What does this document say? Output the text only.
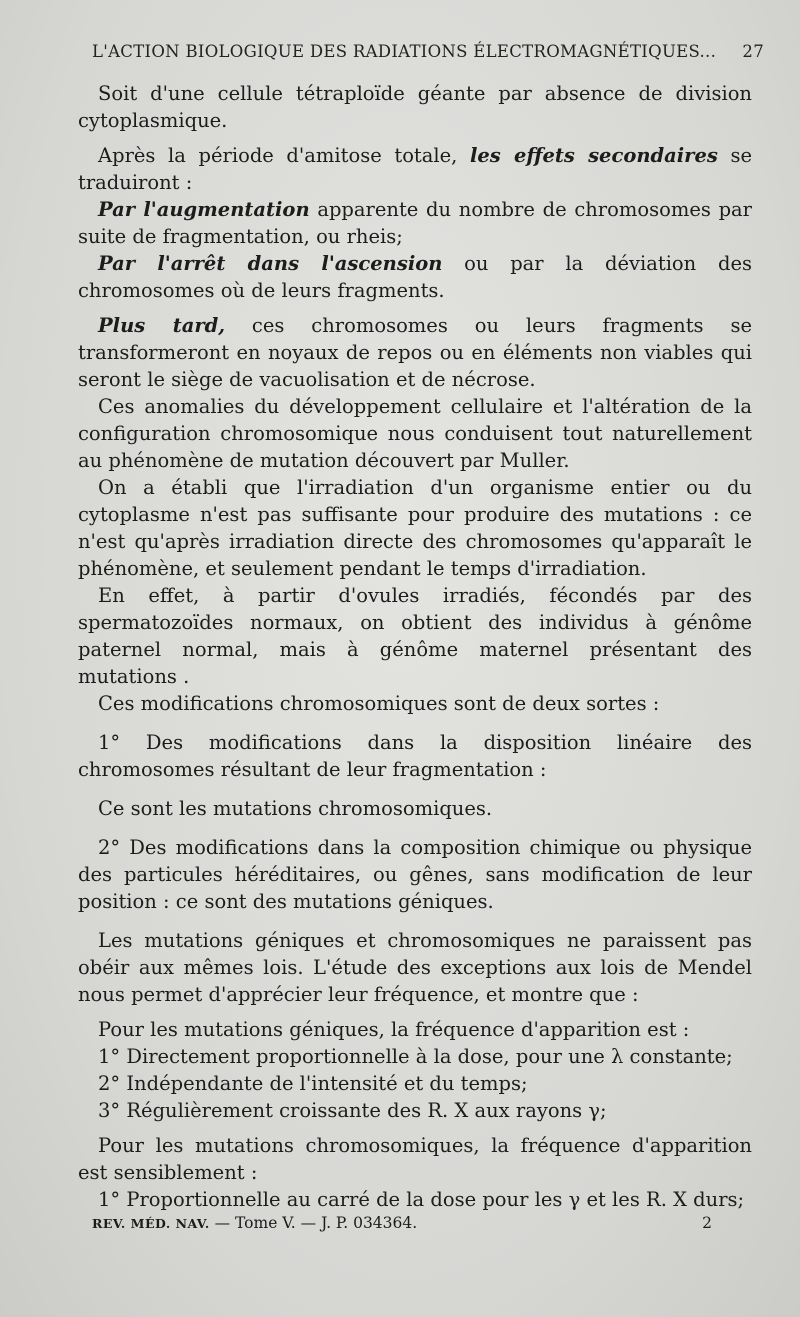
L'ACTION BIOLOGIQUE DES RADIATIONS ÉLECTROMAGNÉTIQUES... 27

Soit d'une cellule tétraploïde géante par absence de division cytoplasmique.

Après la période d'amitose totale, les effets secondaires se traduiront :

Par l'augmentation apparente du nombre de chromosomes par suite de fragmentation, ou rheis;

Par l'arrêt dans l'ascension ou par la déviation des chromosomes où de leurs fragments.

Plus tard, ces chromosomes ou leurs fragments se transformeront en noyaux de repos ou en éléments non viables qui seront le siège de vacuolisation et de nécrose.

Ces anomalies du développement cellulaire et l'altération de la configuration chromosomique nous conduisent tout naturellement au phénomène de mutation découvert par Muller.

On a établi que l'irradiation d'un organisme entier ou du cytoplasme n'est pas suffisante pour produire des mutations : ce n'est qu'après irradiation directe des chromosomes qu'apparaît le phénomène, et seulement pendant le temps d'irradiation.

En effet, à partir d'ovules irradiés, fécondés par des spermatozoïdes normaux, on obtient des individus à génôme paternel normal, mais à génôme maternel présentant des mutations .

Ces modifications chromosomiques sont de deux sortes :

1° Des modifications dans la disposition linéaire des chromosomes résultant de leur fragmentation :

Ce sont les mutations chromosomiques.

2° Des modifications dans la composition chimique ou physique des particules héréditaires, ou gênes, sans modification de leur position : ce sont des mutations géniques.

Les mutations géniques et chromosomiques ne paraissent pas obéir aux mêmes lois. L'étude des exceptions aux lois de Mendel nous permet d'apprécier leur fréquence, et montre que :

Pour les mutations géniques, la fréquence d'apparition est :

1° Directement proportionnelle à la dose, pour une λ constante;

2° Indépendante de l'intensité et du temps;

3° Régulièrement croissante des R. X aux rayons γ;

Pour les mutations chromosomiques, la fréquence d'apparition est sensiblement :

1° Proportionnelle au carré de la dose pour les γ et les R. X durs;

REV. MÉD. NAV. — Tome V. — J. P. 034364.	2
